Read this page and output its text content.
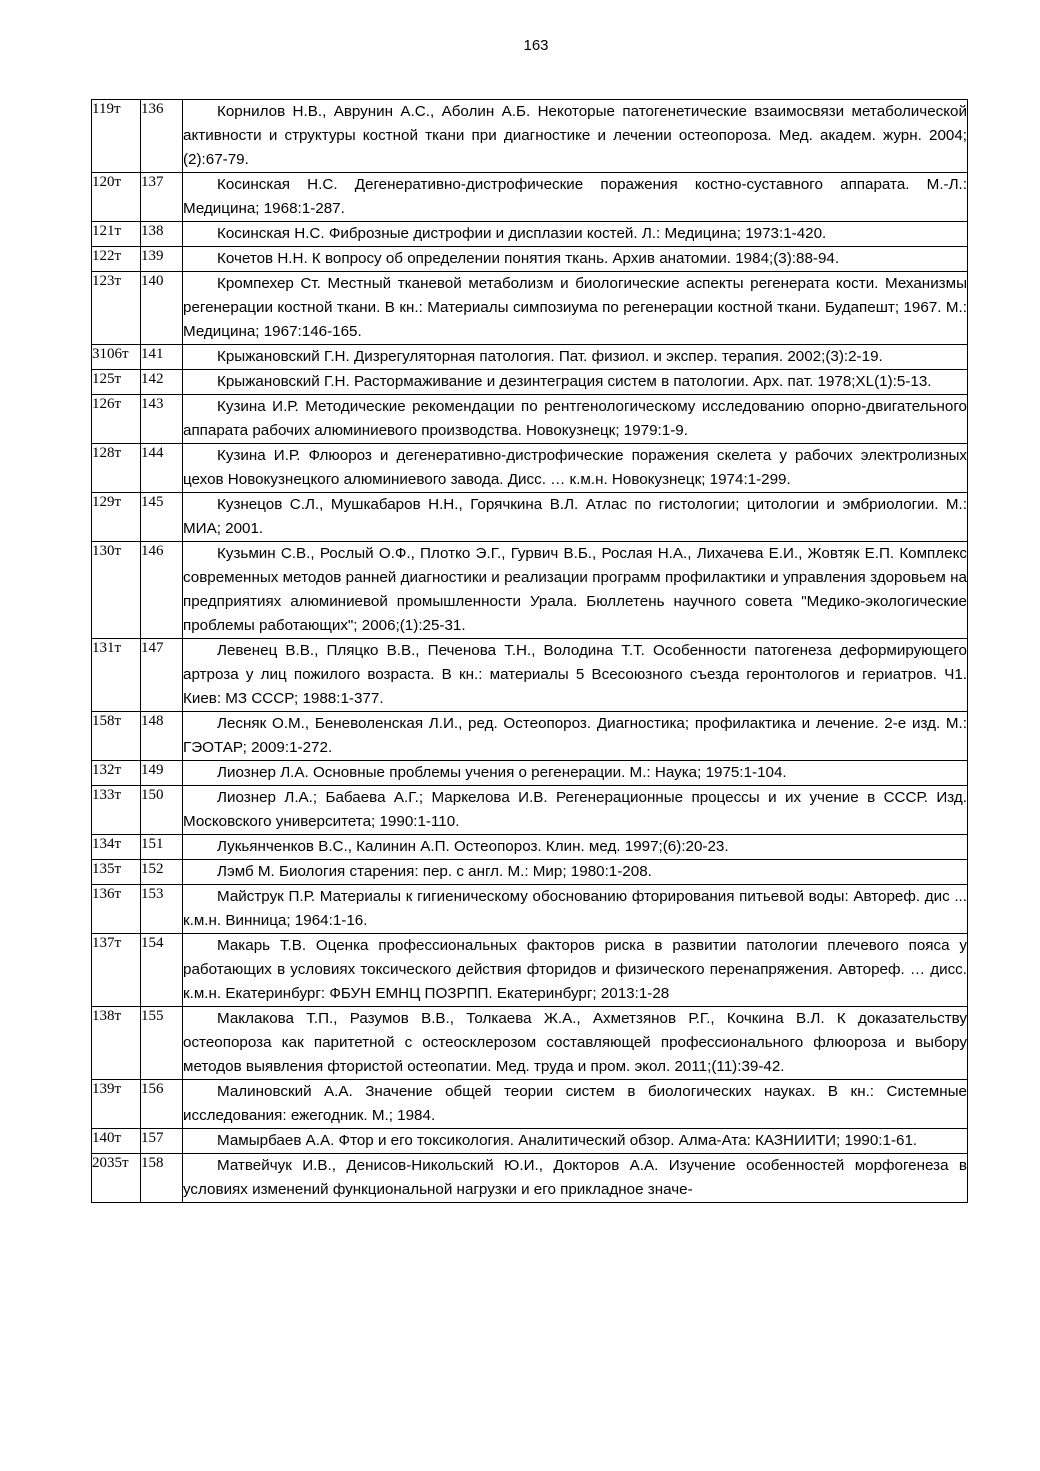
163
119т	136	Корнилов Н.В., Аврунин А.С., Аболин А.Б. Некоторые патогенетические взаимосвязи метаболической активности и структуры костной ткани при диагностике и лечении остеопороза. Мед. академ. журн. 2004;(2):67-79.
120т	137	Косинская Н.С. Дегенеративно-дистрофические поражения костно-суставного аппарата. М.-Л.: Медицина; 1968:1-287.
121т	138	Косинская Н.С. Фиброзные дистрофии и дисплазии костей. Л.: Медицина; 1973:1-420.
122т	139	Кочетов Н.Н. К вопросу об определении понятия ткань. Архив анатомии. 1984;(3):88-94.
123т	140	Кромпехер Ст. Местный тканевой метаболизм и биологические аспекты регенерата кости. Механизмы регенерации костной ткани. В кн.: Материалы симпозиума по регенерации костной ткани. Будапешт; 1967. М.: Медицина; 1967:146-165.
3106т	141	Крыжановский Г.Н. Дизрегуляторная патология. Пат. физиол. и экспер. терапия. 2002;(3):2-19.
125т	142	Крыжановский Г.Н. Растормаживание и дезинтеграция систем в патологии. Арх. пат. 1978;XL(1):5-13.
126т	143	Кузина И.Р. Методические рекомендации по рентгенологическому исследованию опорно-двигательного аппарата рабочих алюминиевого производства. Новокузнецк; 1979:1-9.
128т	144	Кузина И.Р. Флюороз и дегенеративно-дистрофические поражения скелета у рабочих электролизных цехов Новокузнецкого алюминиевого завода. Дисс. … к.м.н. Новокузнецк; 1974:1-299.
129т	145	Кузнецов С.Л., Мушкабаров Н.Н., Горячкина В.Л. Атлас по гистологии; цитологии и эмбриологии. М.: МИА; 2001.
130т	146	Кузьмин С.В., Рослый О.Ф., Плотко Э.Г., Гурвич В.Б., Рослая Н.А., Лихачева Е.И., Жовтяк Е.П. Комплекс современных методов ранней диагностики и реализации программ профилактики и управления здоровьем на предприятиях алюминиевой промышленности Урала. Бюллетень научного совета "Медико-экологические проблемы работающих"; 2006;(1):25-31.
131т	147	Левенец В.В., Пляцко В.В., Печенова Т.Н., Володина Т.Т. Особенности патогенеза деформирующего артроза у лиц пожилого возраста. В кн.: материалы 5 Всесоюзного съезда геронтологов и гериатров. Ч1. Киев: МЗ СССР; 1988:1-377.
158т	148	Лесняк О.М., Беневоленская Л.И., ред. Остеопороз. Диагностика; профилактика и лечение. 2-е изд. М.: ГЭОТАР; 2009:1-272.
132т	149	Лиознер Л.А. Основные проблемы учения о регенерации. М.: Наука; 1975:1-104.
133т	150	Лиознер Л.А.; Бабаева А.Г.; Маркелова И.В. Регенерационные процессы и их учение в СССР. Изд. Московского университета; 1990:1-110.
134т	151	Лукьянченков В.С., Калинин А.П. Остеопороз. Клин. мед. 1997;(6):20-23.
135т	152	Лэмб М. Биология старения: пер. с англ. М.: Мир; 1980:1-208.
136т	153	Майструк П.Р. Материалы к гигиеническому обоснованию фторирования питьевой воды: Автореф. дис ... к.м.н. Винница; 1964:1-16.
137т	154	Макарь Т.В. Оценка профессиональных факторов риска в развитии патологии плечевого пояса у работающих в условиях токсического действия фторидов и физического перенапряжения. Автореф. … дисс. к.м.н. Екатеринбург: ФБУН ЕМНЦ ПОЗРПП. Екатеринбург; 2013:1-28
138т	155	Маклакова Т.П., Разумов В.В., Толкаева Ж.А., Ахметзянов Р.Г., Кочкина В.Л. К доказательству остеопороза как паритетной с остеосклерозом составляющей профессионального флюороза и выбору методов выявления фтористой остеопатии. Мед. труда и пром. экол. 2011;(11):39-42.
139т	156	Малиновский А.А. Значение общей теории систем в биологических науках. В кн.: Системные исследования: ежегодник. М.; 1984.
140т	157	Мамырбаев А.А. Фтор и его токсикология. Аналитический обзор. Алма-Ата: КАЗНИИТИ; 1990:1-61.
2035т	158	Матвейчук И.В., Денисов-Никольский Ю.И., Докторов А.А. Изучение особенностей морфогенеза в условиях изменений функциональной нагрузки и его прикладное значе-
